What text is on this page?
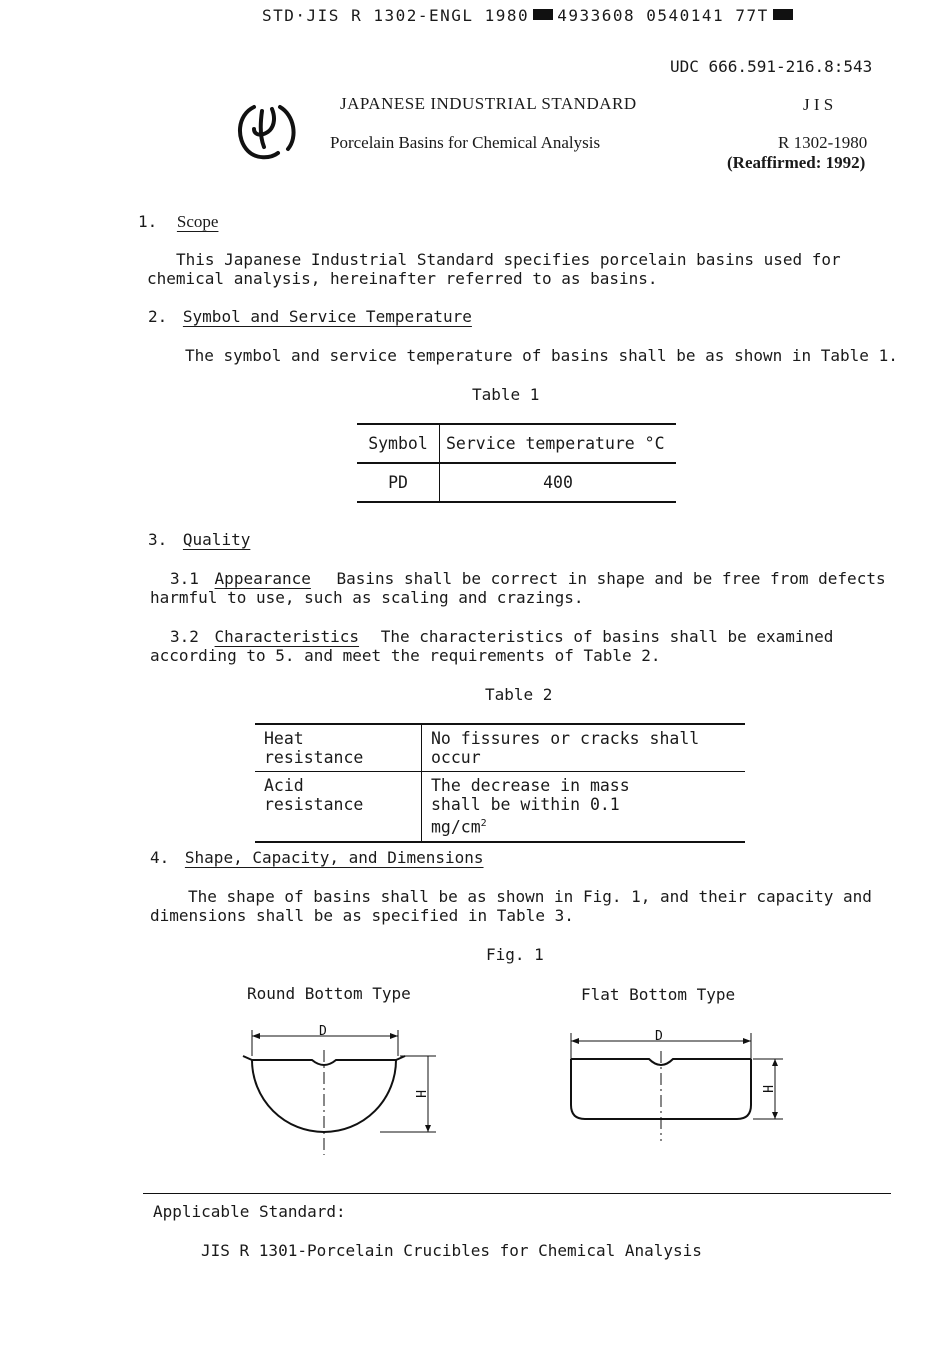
STD·JIS R 1302-ENGL 1980 4933608 0540141 77T
UDC 666.591-216.8:543
JAPANESE INDUSTRIAL STANDARD	J I S
Porcelain Basins for Chemical Analysis	R 1302-1980
(Reaffirmed: 1992)
1. Scope
This Japanese Industrial Standard specifies porcelain basins used for
chemical analysis, hereinafter referred to as basins.
2. Symbol and Service Temperature
The symbol and service temperature of basins shall be as shown in Table 1.
Table 1
Symbol	Service temperature °C
PD	400
3. Quality
3.1 Appearance Basins shall be correct in shape and be free from defects
harmful to use, such as scaling and crazings.
3.2 Characteristics The characteristics of basins shall be examined
according to 5. and meet the requirements of Table 2.
Table 2
Heat resistance	No fissures or cracks shall occur
Acid resistance	The decrease in mass shall be within 0.1 $mg/cm^2$
4. Shape, Capacity, and Dimensions
The shape of basins shall be as shown in Fig. 1, and their capacity and
dimensions shall be as specified in Table 3.
Fig. 1
Round Bottom Type	Flat Bottom Type
D
H
D
H
Applicable Standard:
JIS R 1301-Porcelain Crucibles for Chemical Analysis
